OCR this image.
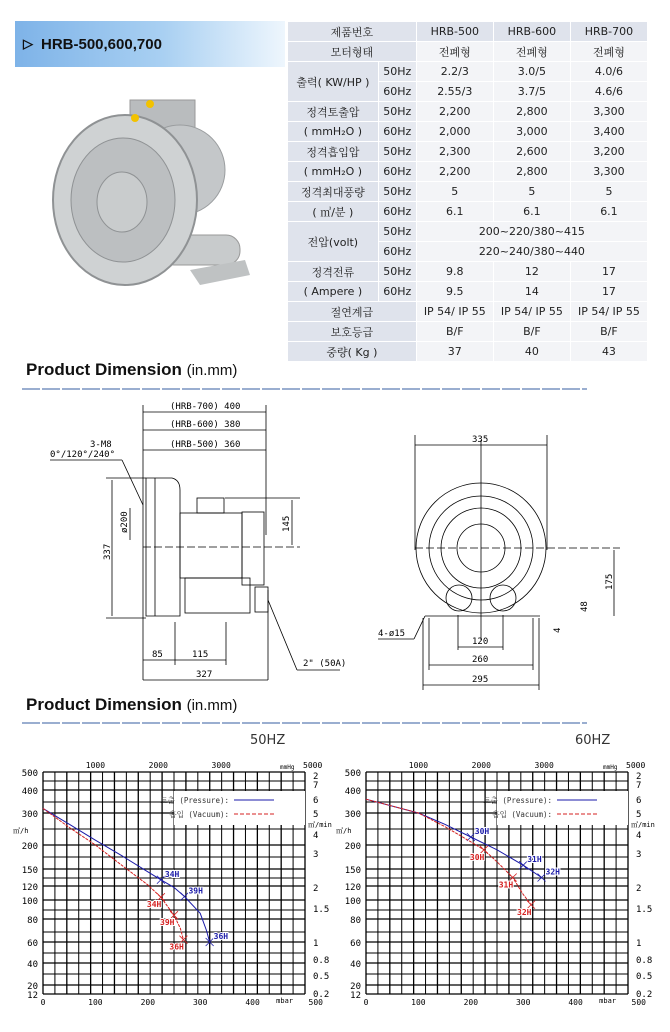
▷ HRB-500,600,700
제품번호		HRB-500	HRB-600	HRB-700
모터형태		전폐형	전폐형	전폐형
출력( KW/HP )	50Hz	2.2/3	3.0/5	4.0/6
	60Hz	2.55/3	3.7/5	4.6/6
정격토출압	50Hz	2,200	2,800	3,300
( mmH₂O )	60Hz	2,000	3,000	3,400
정격흡입압	50Hz	2,300	2,600	3,200
( mmH₂O )	60Hz	2,200	2,800	3,300
정격최대풍량	50Hz	5	5	5
( ㎥/분 )	60Hz	6.1	6.1	6.1
전압(volt)	50Hz	200~220/380~415		
	60Hz	220~240/380~440		
정격전류	50Hz	9.8	12	17
( Ampere )	60Hz	9.5	14	17
절연계급		IP 54/ IP 55	IP 54/ IP 55	IP 54/ IP 55
보호등급		B/F	B/F	B/F
중량( Kg )		37	40	43
Product Dimension (in.mm)
(HRB-700) 400
(HRB-600) 380
(HRB-500) 360
3-M8
0°/120°/240°
337
ø200	145
85	115
327
2" (50A)
335
175
48
4
4-ø15
120
260
295
Product Dimension (in.mm)
50HZ	60HZ
500
400
300
200
150
120
100
80
60
40
20
12
2
7
6
5
4
3
2
1.5
1
0.8
0.5
0.2
0	100	200	300	400 mbar 500
1000	2000	3000	mmHg 5000
㎥/h
㎥/min
토출 (Pressure):
흡입 (Vacuum):
34H
39H
36H
34H
39H
36H
500
400
300
200
150
120
100
80
60
40
20
12
2
7
6
5
4
3
2
1.5
1
0.8
0.5
0.2
0	100	200	300	400 mbar 500
1000	2000	3000	mmHg 5000
㎥/h
㎥/min
토출 (Pressure):
흡입 (Vacuum):
30H
31H
32H
30H
31H
32H
